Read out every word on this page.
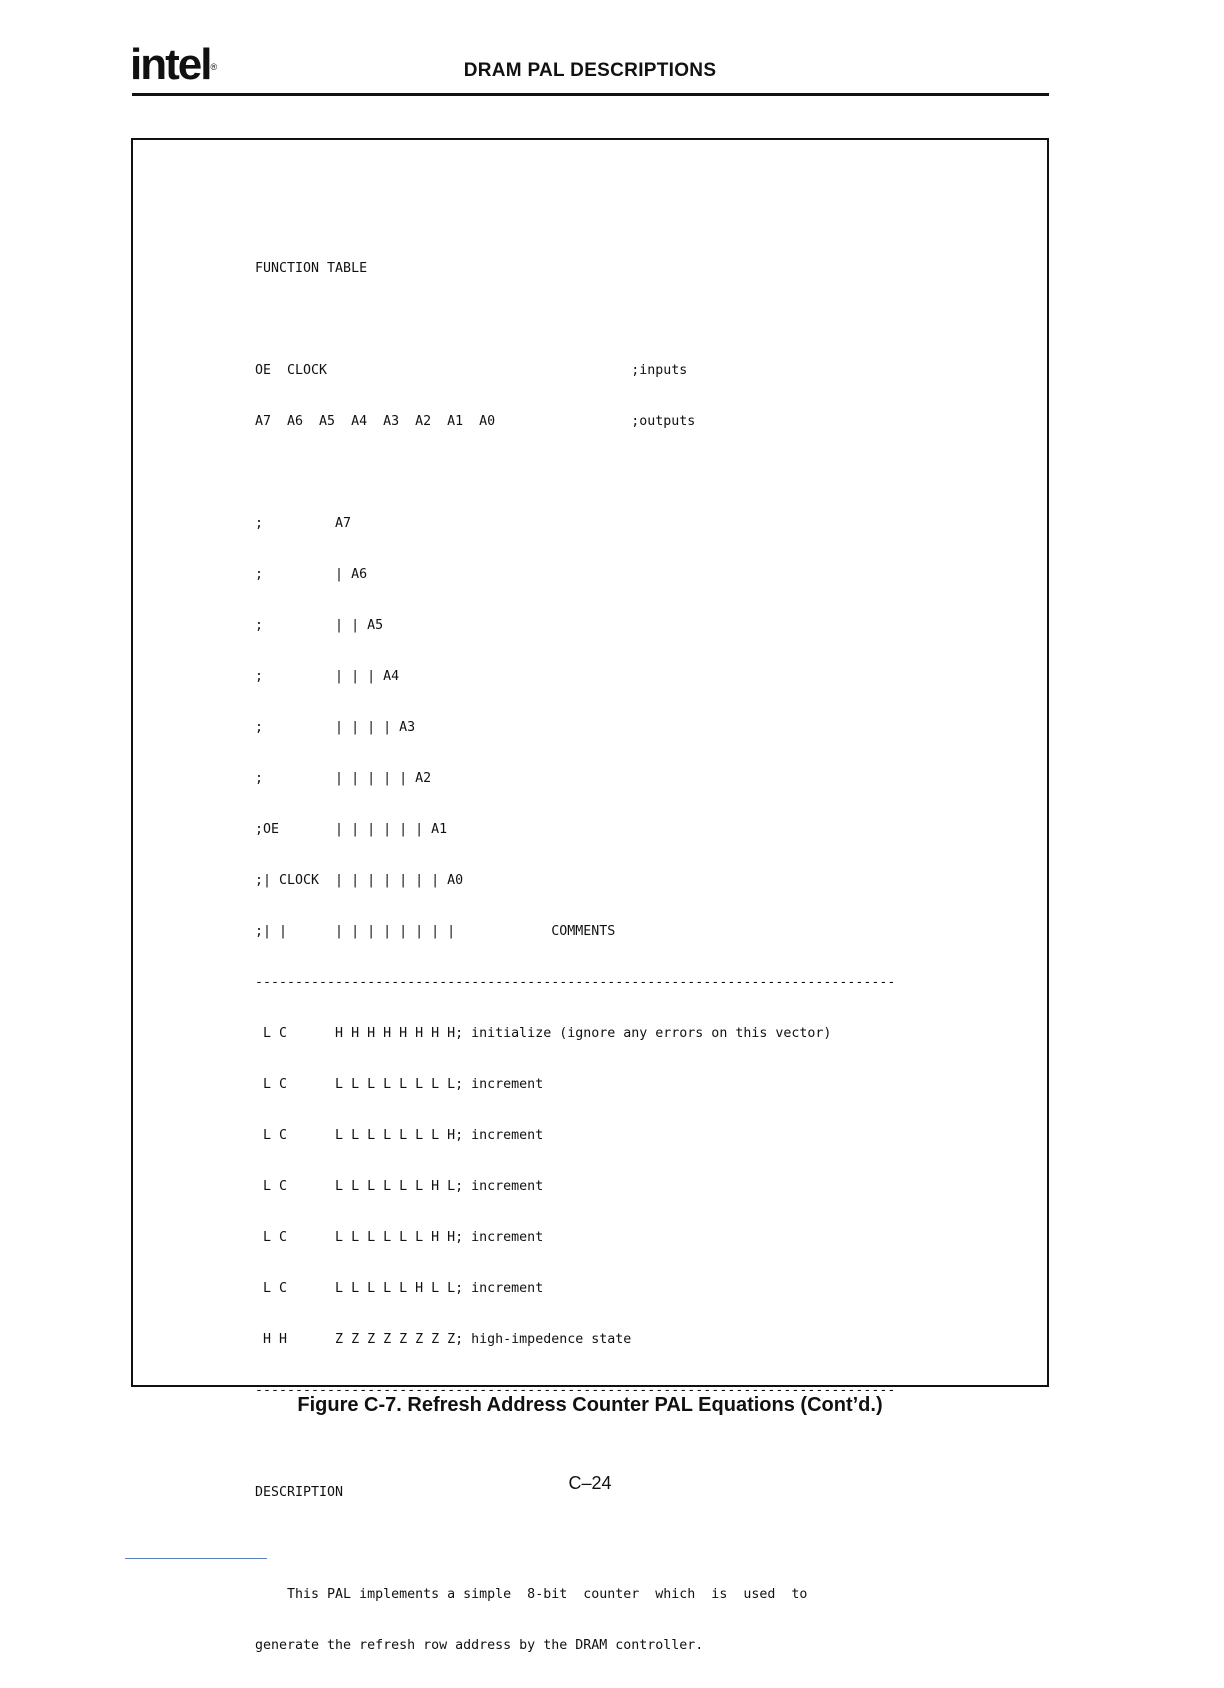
intel®	DRAM PAL DESCRIPTIONS

FUNCTION TABLE

OE  CLOCK                                      ;inputs

A7  A6  A5  A4  A3  A2  A1  A0                 ;outputs

;         A7

;         | A6

;         | | A5

;         | | | A4

;         | | | | A3

;         | | | | | A2

;OE       | | | | | | A1

;| CLOCK  | | | | | | | A0

;| |      | | | | | | | |            COMMENTS

--------------------------------------------------------------------------------

L C      H H H H H H H H; initialize (ignore any errors on this vector)

L C      L L L L L L L L; increment

L C      L L L L L L L H; increment

L C      L L L L L L H L; increment

L C      L L L L L L H H; increment

L C      L L L L L H L L; increment

H H      Z Z Z Z Z Z Z Z; high-impedence state

--------------------------------------------------------------------------------

DESCRIPTION

This PAL implements a simple  8-bit  counter  which  is  used  to

generate the refresh row address by the DRAM controller.

Figure C-7. Refresh Address Counter PAL Equations (Cont’d.)
C–24
